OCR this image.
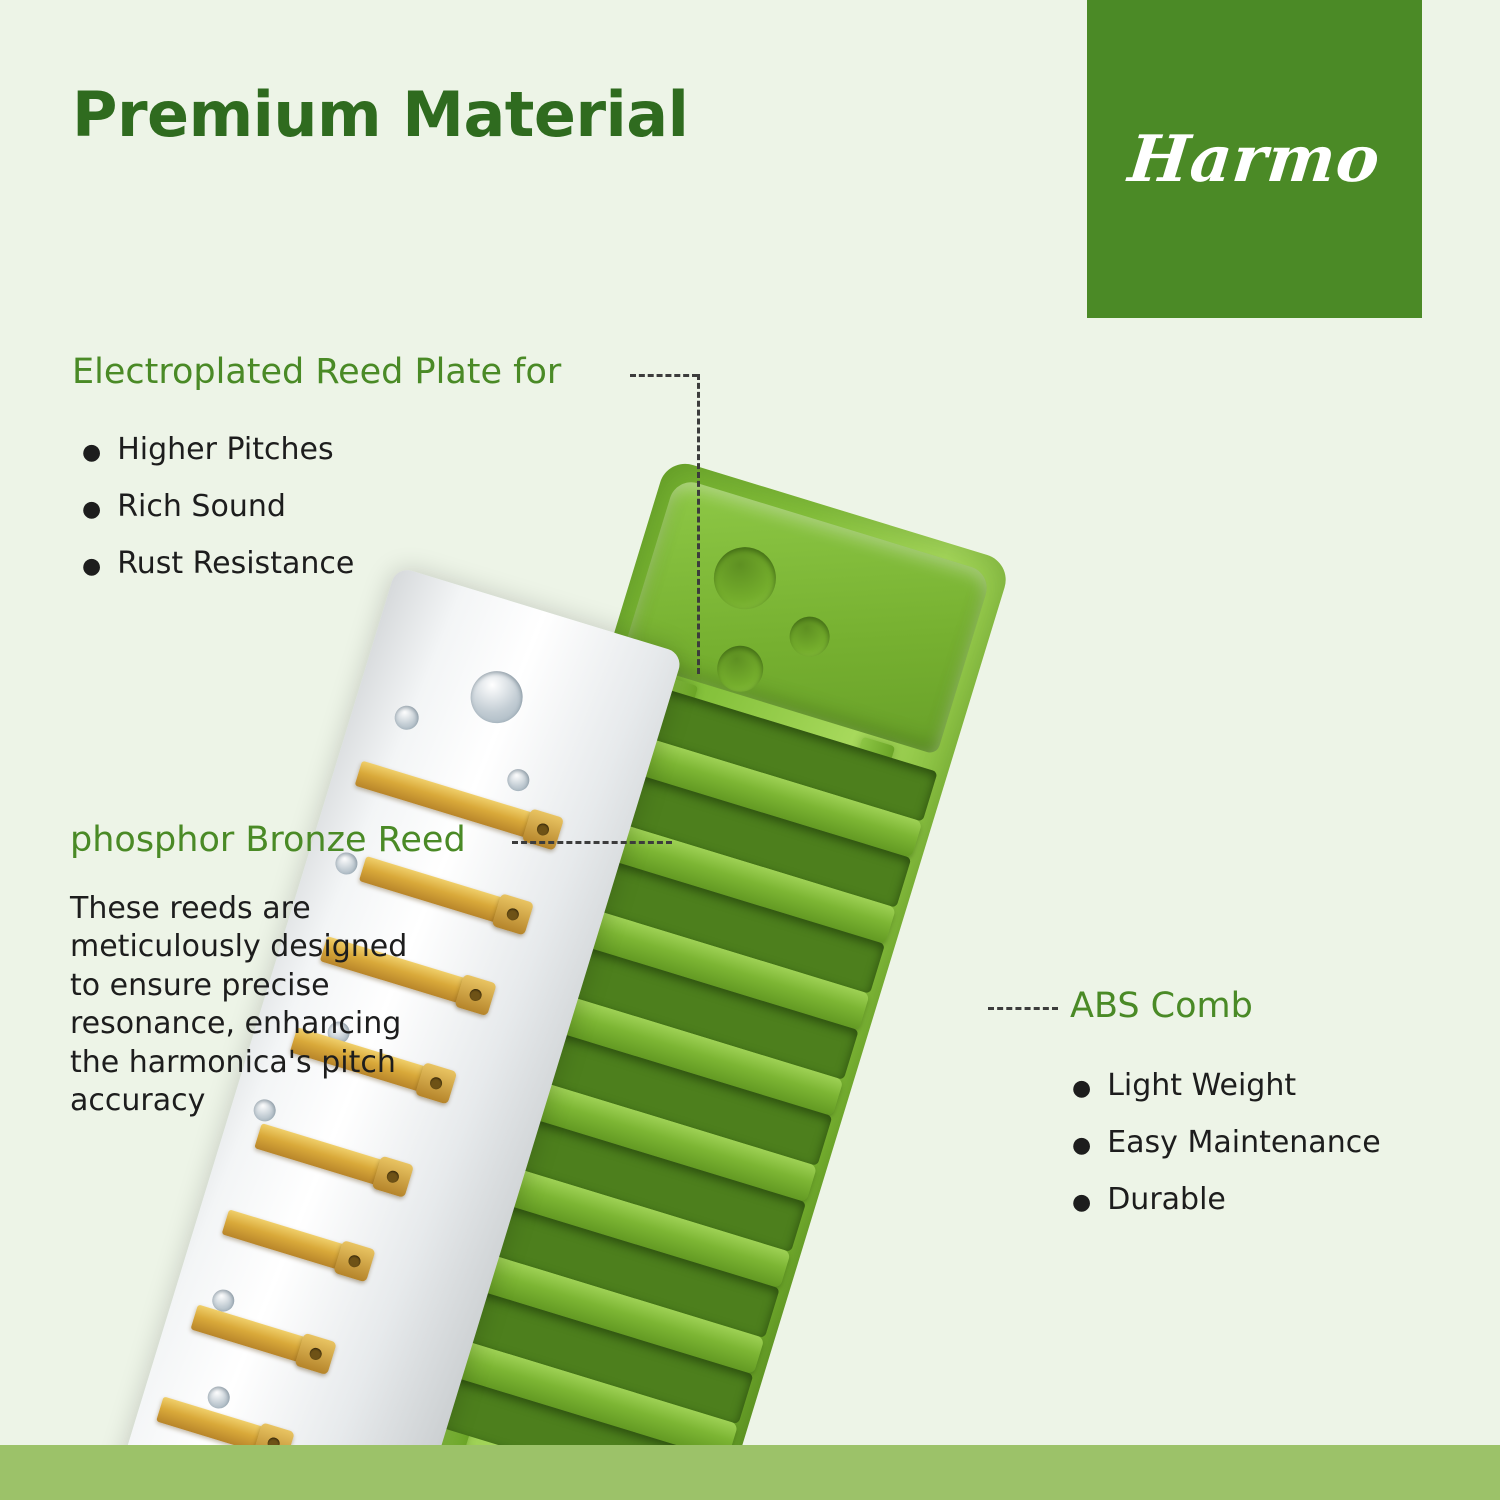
Premium Material
Harmo
Electroplated Reed Plate for
● Higher Pitches
● Rich Sound
● Rust Resistance
phosphor Bronze Reed
These reeds are meticulously designed to ensure precise resonance, enhancing the harmonica's pitch accuracy
ABS Comb
● Light Weight
● Easy Maintenance
● Durable
